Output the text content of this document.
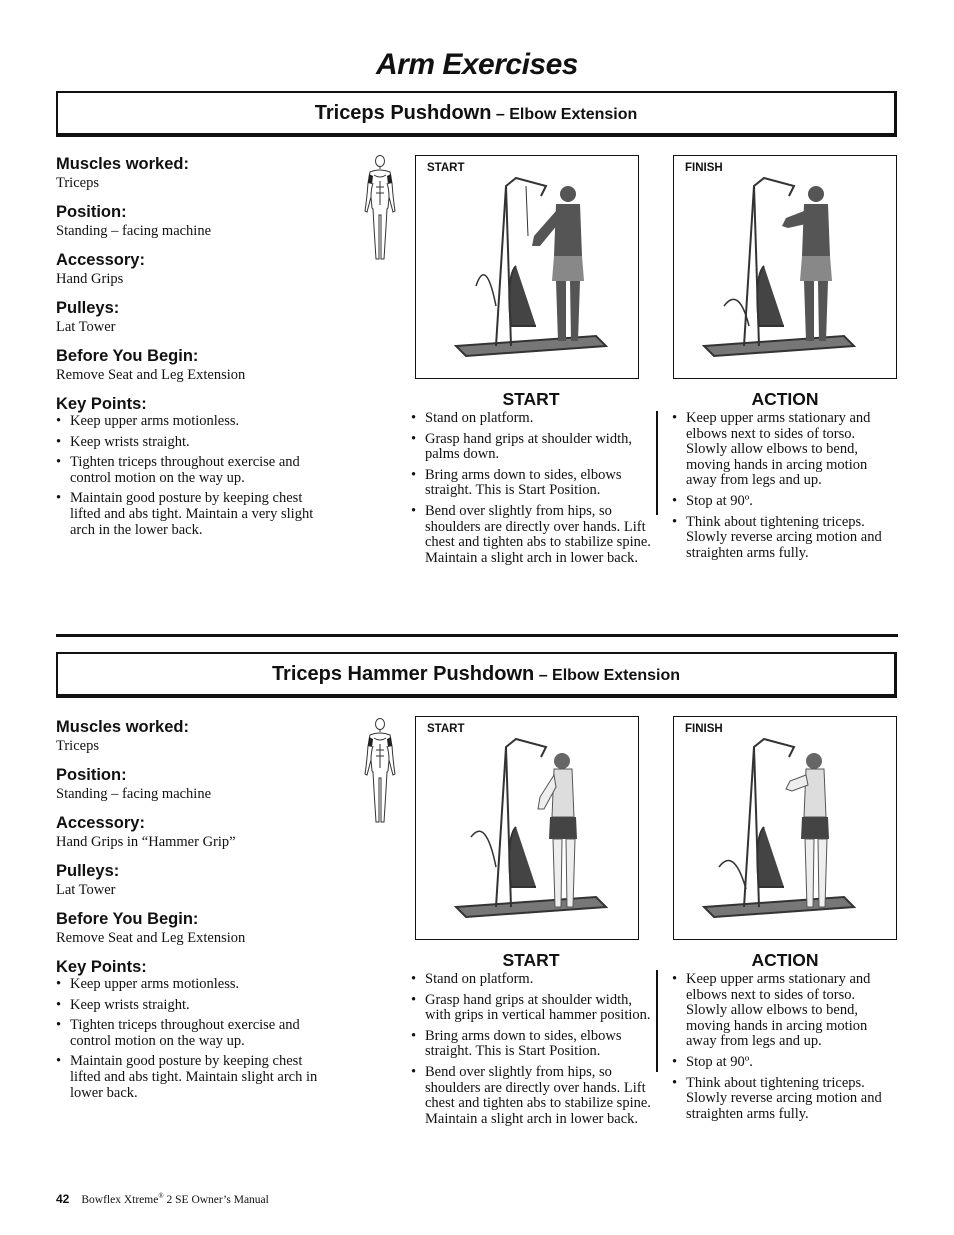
Arm Exercises
Triceps Pushdown – Elbow Extension

Muscles worked:

Triceps

Position:

Standing – facing machine

Accessory:

Hand Grips

Pulleys:

Lat Tower

Before You Begin:

Remove Seat and Leg Extension

Key Points:

• Keep upper arms motionless.
• Keep wrists straight.
• Tighten triceps throughout exercise and control motion on the way up.
• Maintain good posture by keeping chest lifted and abs tight. Maintain a very slight arch in the lower back.
START	FINISH

START

• Stand on platform.
• Grasp hand grips at shoulder width, palms down.
• Bring arms down to sides, elbows straight. This is Start Position.
• Bend over slightly from hips, so shoulders are directly over hands. Lift chest and tighten abs to stabilize spine. Maintain a slight arch in lower back.

ACTION

• Keep upper arms stationary and elbows next to sides of torso. Slowly allow elbows to bend, moving hands in arcing motion away from legs and up.
• Stop at 90º.
• Think about tightening triceps. Slowly reverse arcing motion and straighten arms fully.
Triceps Hammer Pushdown – Elbow Extension

Muscles worked:

Triceps

Position:

Standing – facing machine

Accessory:

Hand Grips in “Hammer Grip”

Pulleys:

Lat Tower

Before You Begin:

Remove Seat and Leg Extension

Key Points:

• Keep upper arms motionless.
• Keep wrists straight.
• Tighten triceps throughout exercise and control motion on the way up.
• Maintain good posture by keeping chest lifted and abs tight. Maintain slight arch in lower back.
START	FINISH

START

• Stand on platform.
• Grasp hand grips at shoulder width, with grips in vertical hammer position.
• Bring arms down to sides, elbows straight. This is Start Position.
• Bend over slightly from hips, so shoulders are directly over hands. Lift chest and tighten abs to stabilize spine. Maintain a slight arch in lower back.

ACTION

• Keep upper arms stationary and elbows next to sides of torso. Slowly allow elbows to bend, moving hands in arcing motion away from legs and up.
• Stop at 90º.
• Think about tightening triceps. Slowly reverse arcing motion and straighten arms fully.
42 Bowflex Xtreme® 2 SE Owner’s Manual
